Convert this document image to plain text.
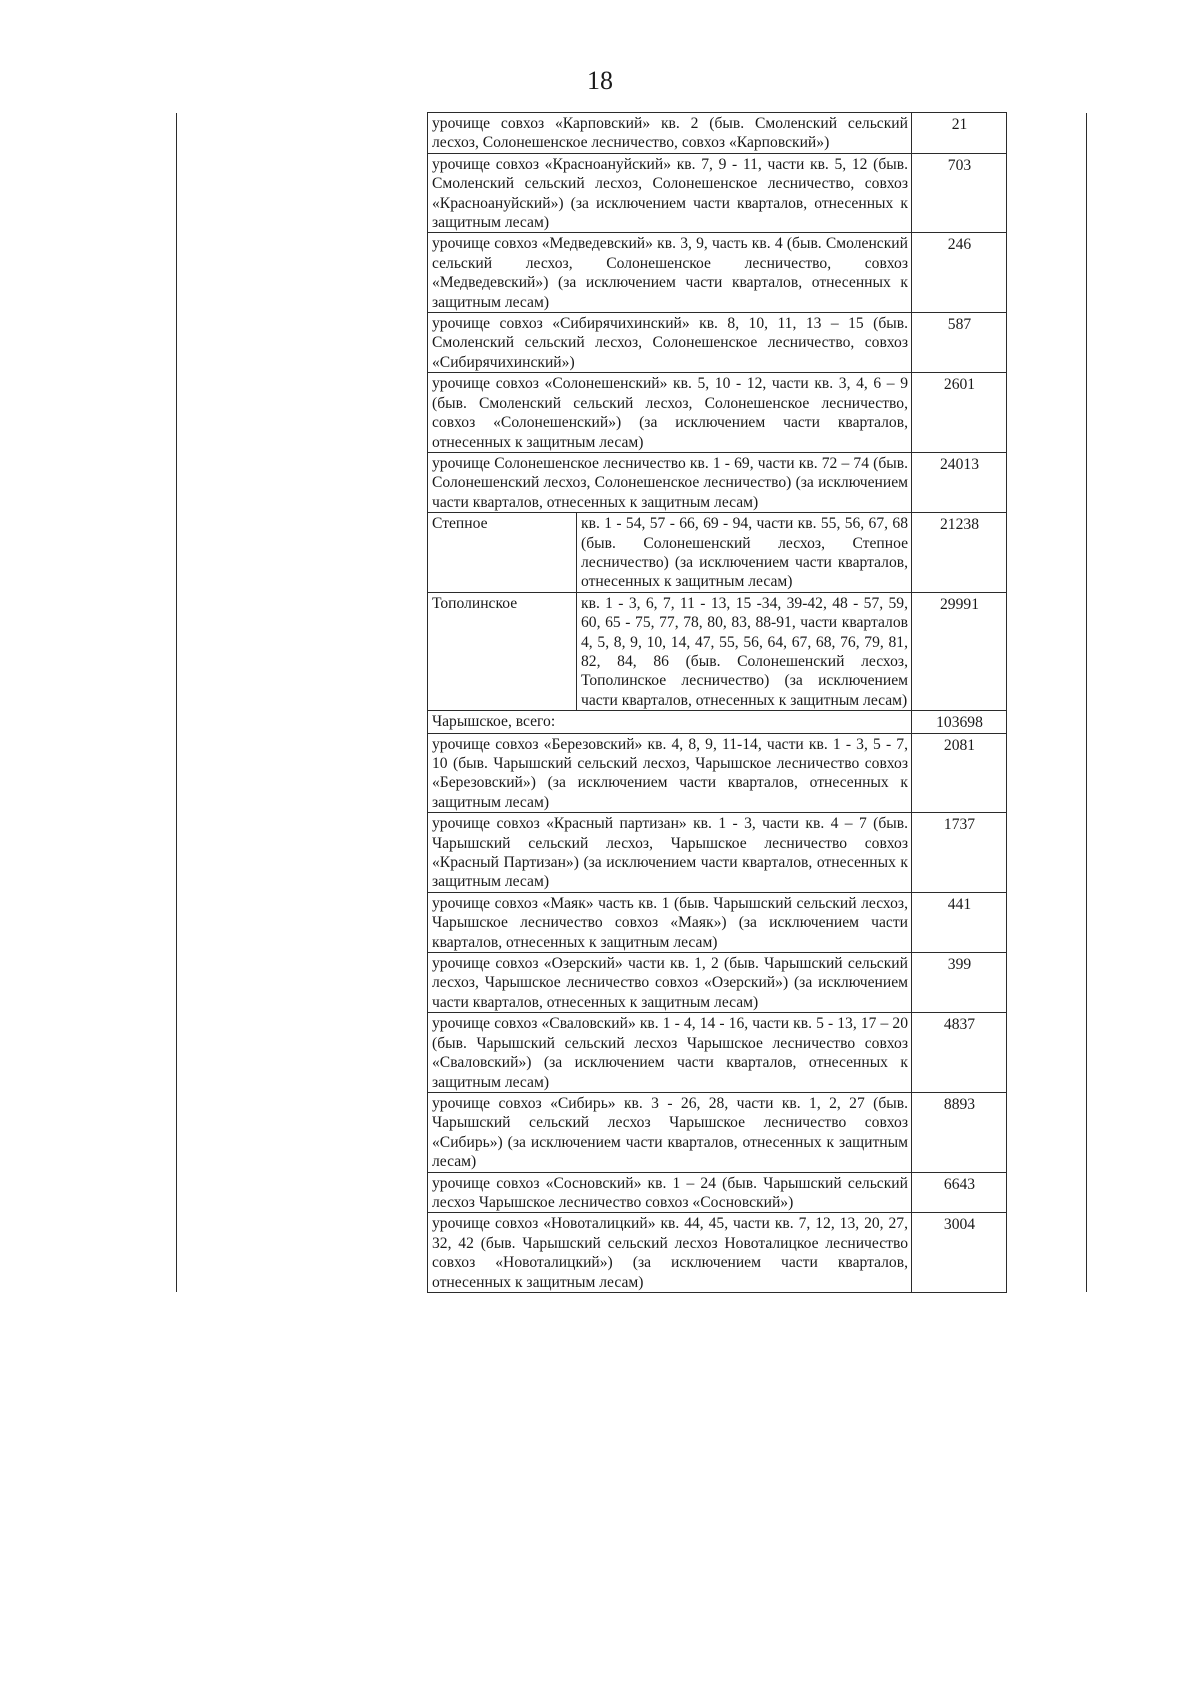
18
	урочище совхоз «Карповский» кв. 2 (быв. Смоленский сельский лесхоз, Солонешенское лесничество, совхоз «Карповский»)		21	
	урочище совхоз «Красноануйский» кв. 7, 9 - 11, части кв. 5, 12 (быв. Смоленский сельский лесхоз, Солонешенское лесничество, совхоз «Красноануйский») (за исключением части кварталов, отнесенных к защитным лесам)		703	
	урочище совхоз «Медведевский» кв. 3, 9, часть кв. 4 (быв. Смоленский сельский лесхоз, Солонешенское лесничество, совхоз «Медведевский») (за исключением части кварталов, отнесенных к защитным лесам)		246	
	урочище совхоз «Сибирячихинский» кв. 8, 10, 11, 13 – 15 (быв. Смоленский сельский лесхоз, Солонешенское лесничество, совхоз «Сибирячихинский»)		587	
	урочище совхоз «Солонешенский» кв. 5, 10 - 12, части кв. 3, 4, 6 – 9 (быв. Смоленский сельский лесхоз, Солонешенское лесничество, совхоз «Солонешенский») (за исключением части кварталов, отнесенных к защитным лесам)		2601	
	урочище Солонешенское лесничество кв. 1 - 69, части кв. 72 – 74 (быв. Солонешенский лесхоз, Солонешенское лесничество) (за исключением части кварталов, отнесенных к защитным лесам)		24013	
	Степное	кв. 1 - 54, 57 - 66, 69 - 94, части кв. 55, 56, 67, 68 (быв. Солонешенский лесхоз, Степное лесничество) (за исключением части кварталов, отнесенных к защитным лесам)	21238	
	Тополинское	кв. 1 - 3, 6, 7, 11 - 13, 15 -34, 39-42, 48 - 57, 59, 60, 65 - 75, 77, 78, 80, 83, 88-91, части кварталов 4, 5, 8, 9, 10, 14, 47, 55, 56, 64, 67, 68, 76, 79, 81, 82, 84, 86 (быв. Солонешенский лесхоз, Тополинское лесничество) (за исключением части кварталов, отнесенных к защитным лесам)	29991	
	Чарышское, всего:		103698	
	урочище совхоз «Березовский» кв. 4, 8, 9, 11-14, части кв. 1 - 3, 5 - 7, 10 (быв. Чарышский сельский лесхоз, Чарышское лесничество совхоз «Березовский») (за исключением части кварталов, отнесенных к защитным лесам)		2081	
	урочище совхоз «Красный партизан» кв. 1 - 3, части кв. 4 – 7 (быв. Чарышский сельский лесхоз, Чарышское лесничество совхоз «Красный Партизан») (за исключением части кварталов, отнесенных к защитным лесам)		1737	
	урочище совхоз «Маяк» часть кв. 1 (быв. Чарышский сельский лесхоз, Чарышское лесничество совхоз «Маяк») (за исключением части кварталов, отнесенных к защитным лесам)		441	
	урочище совхоз «Озерский» части кв. 1, 2 (быв. Чарышский сельский лесхоз, Чарышское лесничество совхоз «Озерский») (за исключением части кварталов, отнесенных к защитным лесам)		399	
	урочище совхоз «Сваловский» кв. 1 - 4, 14 - 16, части кв. 5 - 13, 17 – 20 (быв. Чарышский сельский лесхоз Чарышское лесничество совхоз «Сваловский») (за исключением части кварталов, отнесенных к защитным лесам)		4837	
	урочище совхоз «Сибирь» кв. 3 - 26, 28, части кв. 1, 2, 27 (быв. Чарышский сельский лесхоз Чарышское лесничество совхоз «Сибирь») (за исключением части кварталов, отнесенных к защитным лесам)		8893	
	урочище совхоз «Сосновский» кв. 1 – 24 (быв. Чарышский сельский лесхоз Чарышское лесничество совхоз «Сосновский»)		6643	
	урочище совхоз «Новоталицкий» кв. 44, 45, части кв. 7, 12, 13, 20, 27, 32, 42 (быв. Чарышский сельский лесхоз Новоталицкое лесничество совхоз «Новоталицкий») (за исключением части кварталов, отнесенных к защитным лесам)		3004	
